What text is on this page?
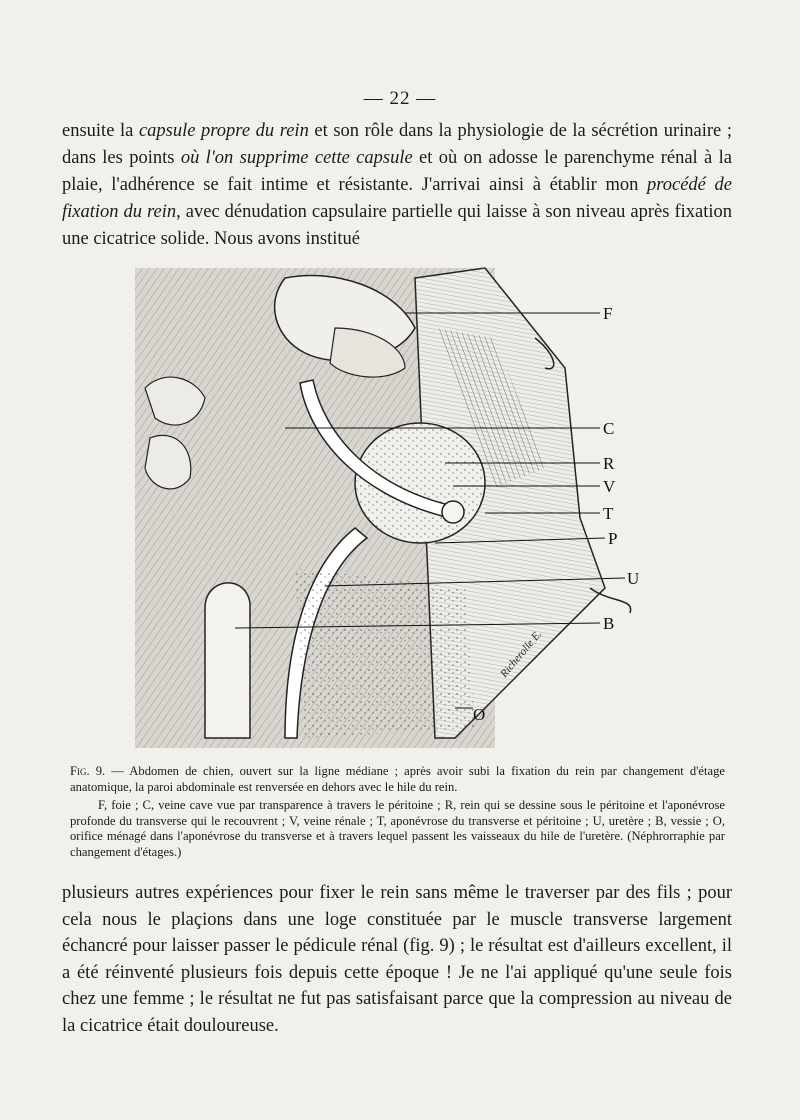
— 22 —

ensuite la capsule propre du rein et son rôle dans la physiologie de la sécrétion urinaire ; dans les points où l'on supprime cette capsule et où on adosse le parenchyme rénal à la plaie, l'adhérence se fait intime et résistante. J'arrivai ainsi à établir mon procédé de fixation du rein, avec dénudation capsulaire partielle qui laisse à son niveau après fixation une cicatrice solide. Nous avons institué

F
C
R
V
T
P
U
B
O
Richerolle E.

Fig. 9. — Abdomen de chien, ouvert sur la ligne médiane ; après avoir subi la fixation du rein par changement d'étage anatomique, la paroi abdominale est renversée en dehors avec le hile du rein.

F, foie ; C, veine cave vue par transparence à travers le péritoine ; R, rein qui se dessine sous le péritoine et l'aponévrose profonde du transverse qui le recouvrent ; V, veine rénale ; T, aponévrose du transverse et péritoine ; U, uretère ; B, vessie ; O, orifice ménagé dans l'aponévrose du transverse et à travers lequel passent les vaisseaux du hile de l'uretère. (Néphrorraphie par changement d'étages.)

plusieurs autres expériences pour fixer le rein sans même le traverser par des fils ; pour cela nous le plaçions dans une loge constituée par le muscle transverse largement échancré pour laisser passer le pédicule rénal (fig. 9) ; le résultat est d'ailleurs excellent, il a été réinventé plusieurs fois depuis cette époque ! Je ne l'ai appliqué qu'une seule fois chez une femme ; le résultat ne fut pas satisfaisant parce que la compression au niveau de la cicatrice était douloureuse.
